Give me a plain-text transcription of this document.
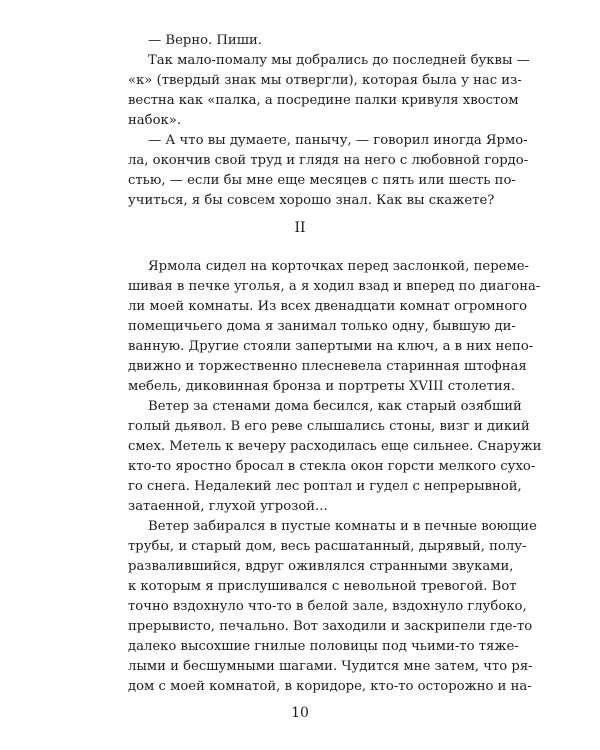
— Верно. Пиши.
Так мало-помалу мы добрались до последней буквы —
«к» (твердый знак мы отвергли), которая была у нас из-
вестна как «палка, а посредине палки кривуля хвостом
набок».
— А что вы думаете, панычу, — говорил иногда Ярмо-
ла, окончив свой труд и глядя на него с любовной гордо-
стью, — если бы мне еще месяцев с пять или шесть по-
учиться, я бы совсем хорошо знал. Как вы скажете?
II
Ярмола сидел на корточках перед заслонкой, переме-
шивая в печке уголья, а я ходил взад и вперед по диагона-
ли моей комнаты. Из всех двенадцати комнат огромного
помещичьего дома я занимал только одну, бывшую ди-
ванную. Другие стояли запертыми на ключ, а в них непо-
движно и торжественно плесневела старинная штофная
мебель, диковинная бронза и портреты XVIII столетия.
Ветер за стенами дома бесился, как старый озябший
голый дьявол. В его реве слышались стоны, визг и дикий
смех. Метель к вечеру расходилась еще сильнее. Снаружи
кто-то яростно бросал в стекла окон горсти мелкого сухо-
го снега. Недалекий лес роптал и гудел с непрерывной,
затаенной, глухой угрозой...
Ветер забирался в пустые комнаты и в печные воющие
трубы, и старый дом, весь расшатанный, дырявый, полу-
развалившийся, вдруг оживлялся странными звуками,
к которым я прислушивался с невольной тревогой. Вот
точно вздохнуло что-то в белой зале, вздохнуло глубоко,
прерывисто, печально. Вот заходили и заскрипели где-то
далеко высохшие гнилые половицы под чьими-то тяже-
лыми и бесшумными шагами. Чудится мне затем, что ря-
дом с моей комнатой, в коридоре, кто-то осторожно и на-
10
